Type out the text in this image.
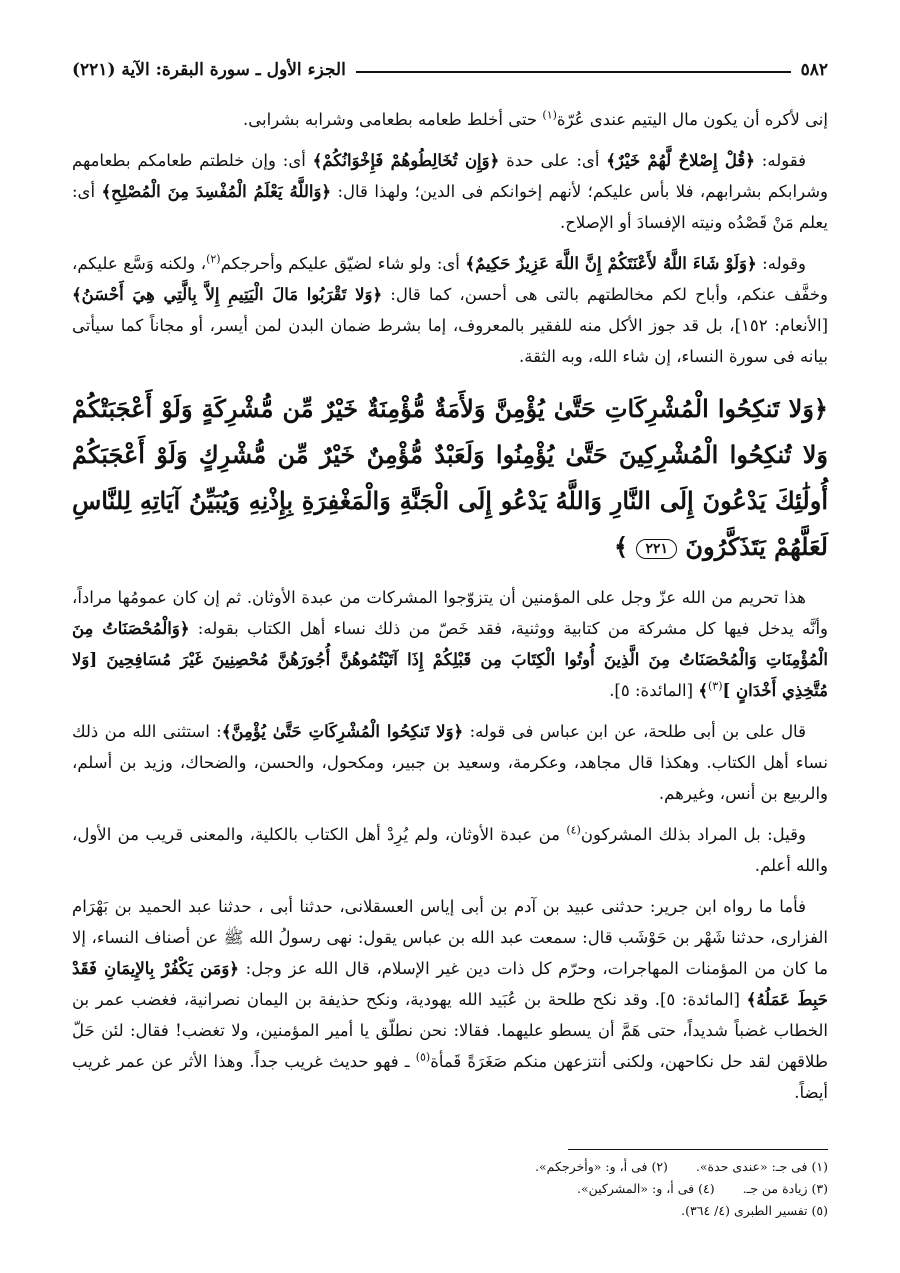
٥٨٢
الجزء الأول ـ سورة البقرة: الآية (٢٢١)

إنى لأكره أن يكون مال اليتيم عندى عُرّة$^{(١)}$ حتى أخلط طعامه بطعامى وشرابه بشرابى.

فقوله: ﴿قُلْ إِصْلاحٌ لَّهُمْ خَيْرٌ﴾ أى: على حدة ﴿وَإِن تُخَالِطُوهُمْ فَإِخْوَانُكُمْ﴾ أى: وإن خلطتم طعامكم بطعامهم وشرابكم بشرابهم، فلا بأس عليكم؛ لأنهم إخوانكم فى الدين؛ ولهذا قال: ﴿وَاللَّهُ يَعْلَمُ الْمُفْسِدَ مِنَ الْمُصْلِحِ﴾ أى: يعلم مَنْ قَصْدُه ونيته الإفسادَ أو الإصلاح.

وقوله: ﴿وَلَوْ شَاءَ اللَّهُ لأَعْنَتَكُمْ إِنَّ اللَّهَ عَزِيزٌ حَكِيمٌ﴾ أى: ولو شاء لضيّق عليكم وأحرجكم$^{(٢)}$، ولكنه وَسَّع عليكم، وخفَّف عنكم، وأباح لكم مخالطتهم بالتى هى أحسن، كما قال: ﴿وَلا تَقْرَبُوا مَالَ الْيَتِيمِ إِلاَّ بِالَّتِي هِيَ أَحْسَنُ﴾ [الأنعام: ١٥٢]، بل قد جوز الأكل منه للفقير بالمعروف، إما بشرط ضمان البدن لمن أيسر، أو مجاناً كما سيأتى بيانه فى سورة النساء، إن شاء الله، وبه الثقة.

﴿وَلا تَنكِحُوا الْمُشْرِكَاتِ حَتَّىٰ يُؤْمِنَّ وَلأَمَةٌ مُّؤْمِنَةٌ خَيْرٌ مِّن مُّشْرِكَةٍ وَلَوْ أَعْجَبَتْكُمْ وَلا تُنكِحُوا الْمُشْرِكِينَ حَتَّىٰ يُؤْمِنُوا وَلَعَبْدٌ مُّؤْمِنٌ خَيْرٌ مِّن مُّشْرِكٍ وَلَوْ أَعْجَبَكُمْ أُولَٰئِكَ يَدْعُونَ إِلَى النَّارِ وَاللَّهُ يَدْعُو إِلَى الْجَنَّةِ وَالْمَغْفِرَةِ بِإِذْنِهِ وَيُبَيِّنُ آيَاتِهِ لِلنَّاسِ لَعَلَّهُمْ يَتَذَكَّرُونَ ٢٢١ ﴾

هذا تحريم من الله عزّ وجل على المؤمنين أن يتزوّجوا المشركات من عبدة الأوثان. ثم إن كان عمومُها مراداً، وأنَّه يدخل فيها كل مشركة من كتابية ووثنية، فقد خَصّ من ذلك نساء أهل الكتاب بقوله: ﴿وَالْمُحْصَنَاتُ مِنَ الْمُؤْمِنَاتِ وَالْمُحْصَنَاتُ مِنَ الَّذِينَ أُوتُوا الْكِتَابَ مِن قَبْلِكُمْ إِذَا آتَيْتُمُوهُنَّ أُجُورَهُنَّ مُحْصِنِينَ غَيْرَ مُسَافِحِينَ [وَلا مُتَّخِذِي أَخْدَانٍ ]$^{(٣)}$﴾ [المائدة: ٥].

قال على بن أبى طلحة، عن ابن عباس فى قوله: ﴿وَلا تَنكِحُوا الْمُشْرِكَاتِ حَتَّىٰ يُؤْمِنَّ﴾: استثنى الله من ذلك نساء أهل الكتاب. وهكذا قال مجاهد، وعكرمة، وسعيد بن جبير، ومكحول، والحسن، والضحاك، وزيد بن أسلم، والربيع بن أنس، وغيرهم.

وقيل: بل المراد بذلك المشركون$^{(٤)}$ من عبدة الأوثان، ولم يُرِدْ أهل الكتاب بالكلية، والمعنى قريب من الأول، والله أعلم.

فأما ما رواه ابن جرير: حدثنى عبيد بن آدم بن أبى إياس العسقلانى، حدثنا أبى ، حدثنا عبد الحميد بن بَهْرَام الفزارى، حدثنا شَهْر بن حَوْشَب قال: سمعت عبد الله بن عباس يقول: نهى رسولُ الله ﷺ عن أصناف النساء، إلا ما كان من المؤمنات المهاجرات، وحرّم كل ذات دين غير الإسلام، قال الله عز وجل: ﴿وَمَن يَكْفُرْ بِالإِيمَانِ فَقَدْ حَبِطَ عَمَلُهُ﴾ [المائدة: ٥]. وقد نكح طلحة بن عُبَيد الله يهودية، ونكح حذيفة بن اليمان نصرانية، فغضب عمر بن الخطاب غضباً شديداً، حتى هَمَّ أن يسطو عليهما. فقالا: نحن نطلّق يا أمير المؤمنين، ولا تغضب! فقال: لئن حَلّ طلاقهن لقد حل نكاحهن، ولكنى أنتزعهن منكم صَغَرَةً قَمأة$^{(٥)}$ ـ فهو حديث غريب جداً. وهذا الأثر عن عمر غريب أيضاً.

(١) فى جـ: «عندى حدة».
(٢) فى أ، و: «وأخرجكم».
(٣) زيادة من جـ.
(٤) فى أ، و: «المشركين».
(٥) تفسير الطبرى (٤/ ٣٦٤).
